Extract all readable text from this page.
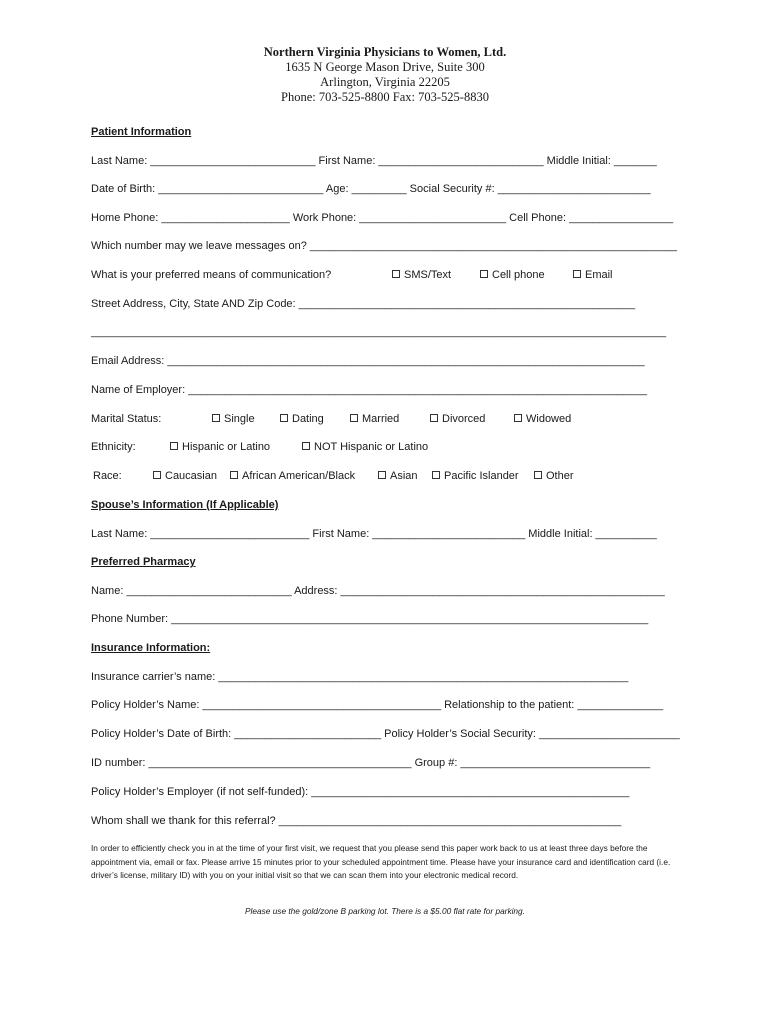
Northern Virginia Physicians to Women, Ltd.
1635 N George Mason Drive, Suite 300
Arlington, Virginia 22205
Phone: 703-525-8800 Fax: 703-525-8830
Patient Information
Last Name: ___________________________ First Name: ___________________________ Middle Initial: _______
Date of Birth: ___________________________ Age: _________ Social Security #: _________________________
Home Phone: _____________________ Work Phone: ________________________ Cell Phone: _________________
Which number may we leave messages on? ____________________________________________________________
What is your preferred means of communication?	SMS/Text	Cell phone	Email
Street Address, City, State AND Zip Code: _______________________________________________________
______________________________________________________________________________________________
Email Address: ______________________________________________________________________________
Name of Employer: ___________________________________________________________________________
Marital Status:	Single	Dating	Married	Divorced	Widowed
Ethnicity:	Hispanic or Latino	NOT Hispanic or Latino
Race:	Caucasian	African American/Black	Asian	Pacific Islander	Other
Spouse’s Information (If Applicable)
Last Name: __________________________ First Name: _________________________ Middle Initial: __________
Preferred Pharmacy
Name: ___________________________ Address: _____________________________________________________
Phone Number: ______________________________________________________________________________
Insurance Information:
Insurance carrier’s name: ___________________________________________________________________
Policy Holder’s Name: _______________________________________ Relationship to the patient: ______________
Policy Holder’s Date of Birth: ________________________ Policy Holder’s Social Security: _______________________
ID number: ___________________________________________ Group #: _______________________________
Policy Holder’s Employer (if not self-funded): ____________________________________________________
Whom shall we thank for this referral? ________________________________________________________
In order to efficiently check you in at the time of your first visit, we request that you please send this paper work back to us at least three days before the appointment via, email or fax. Please arrive 15 minutes prior to your scheduled appointment time. Please have your insurance card and identification card (i.e. driver’s license, military ID) with you on your initial visit so that we can scan them into your electronic medical record.
Please use the gold/zone B parking lot. There is a $5.00 flat rate for parking.
